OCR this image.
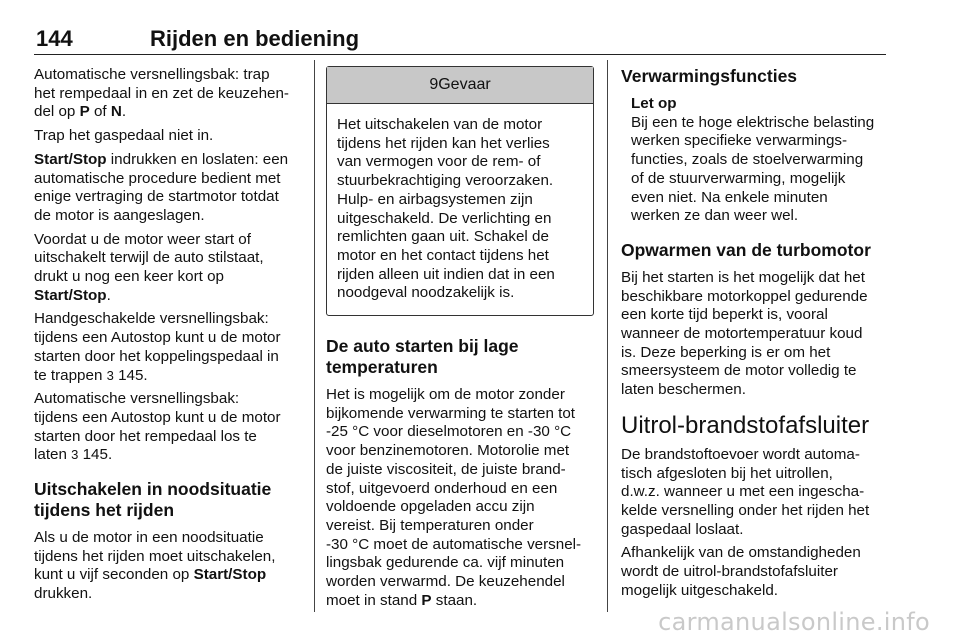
144	Rijden en bediening

Automatische versnellingsbak: trap
het rempedaal in en zet de keuzehen-
del op P of N.

Trap het gaspedaal niet in.

Start/Stop indrukken en loslaten: een
automatische procedure bedient met
enige vertraging de startmotor totdat
de motor is aangeslagen.

Voordat u de motor weer start of
uitschakelt terwijl de auto stilstaat,
drukt u nog een keer kort op
Start/Stop.

Handgeschakelde versnellingsbak:
tijdens een Autostop kunt u de motor
starten door het koppelingspedaal in
te trappen 3 145.

Automatische versnellingsbak:
tijdens een Autostop kunt u de motor
starten door het rempedaal los te
laten 3 145.

Uitschakelen in noodsituatie
tijdens het rijden

Als u de motor in een noodsituatie
tijdens het rijden moet uitschakelen,
kunt u vijf seconden op Start/Stop
drukken.

9 Gevaar
Het uitschakelen van de motor
tijdens het rijden kan het verlies
van vermogen voor de rem- of
stuurbekrachtiging veroorzaken.
Hulp- en airbagsystemen zijn
uitgeschakeld. De verlichting en
remlichten gaan uit. Schakel de
motor en het contact tijdens het
rijden alleen uit indien dat in een
noodgeval noodzakelijk is.
De auto starten bij lage
temperaturen

Het is mogelijk om de motor zonder
bijkomende verwarming te starten tot
-25 °C voor dieselmotoren en -30 °C
voor benzinemotoren. Motorolie met
de juiste viscositeit, de juiste brand-
stof, uitgevoerd onderhoud en een
voldoende opgeladen accu zijn
vereist. Bij temperaturen onder
-30 °C moet de automatische versnel-
lingsbak gedurende ca. vijf minuten
worden verwarmd. De keuzehendel
moet in stand P staan.

Verwarmingsfuncties
Let op
Bij een te hoge elektrische belasting
werken specifieke verwarmings-
functies, zoals de stoelverwarming
of de stuurverwarming, mogelijk
even niet. Na enkele minuten
werken ze dan weer wel.
Opwarmen van de turbomotor

Bij het starten is het mogelijk dat het
beschikbare motorkoppel gedurende
een korte tijd beperkt is, vooral
wanneer de motortemperatuur koud
is. Deze beperking is er om het
smeersysteem de motor volledig te
laten beschermen.

Uitrol-brandstofafsluiter

De brandstoftoevoer wordt automa-
tisch afgesloten bij het uitrollen,
d.w.z. wanneer u met een ingescha-
kelde versnelling onder het rijden het
gaspedaal loslaat.

Afhankelijk van de omstandigheden
wordt de uitrol-brandstofafsluiter
mogelijk uitgeschakeld.

carmanualsonline.info
